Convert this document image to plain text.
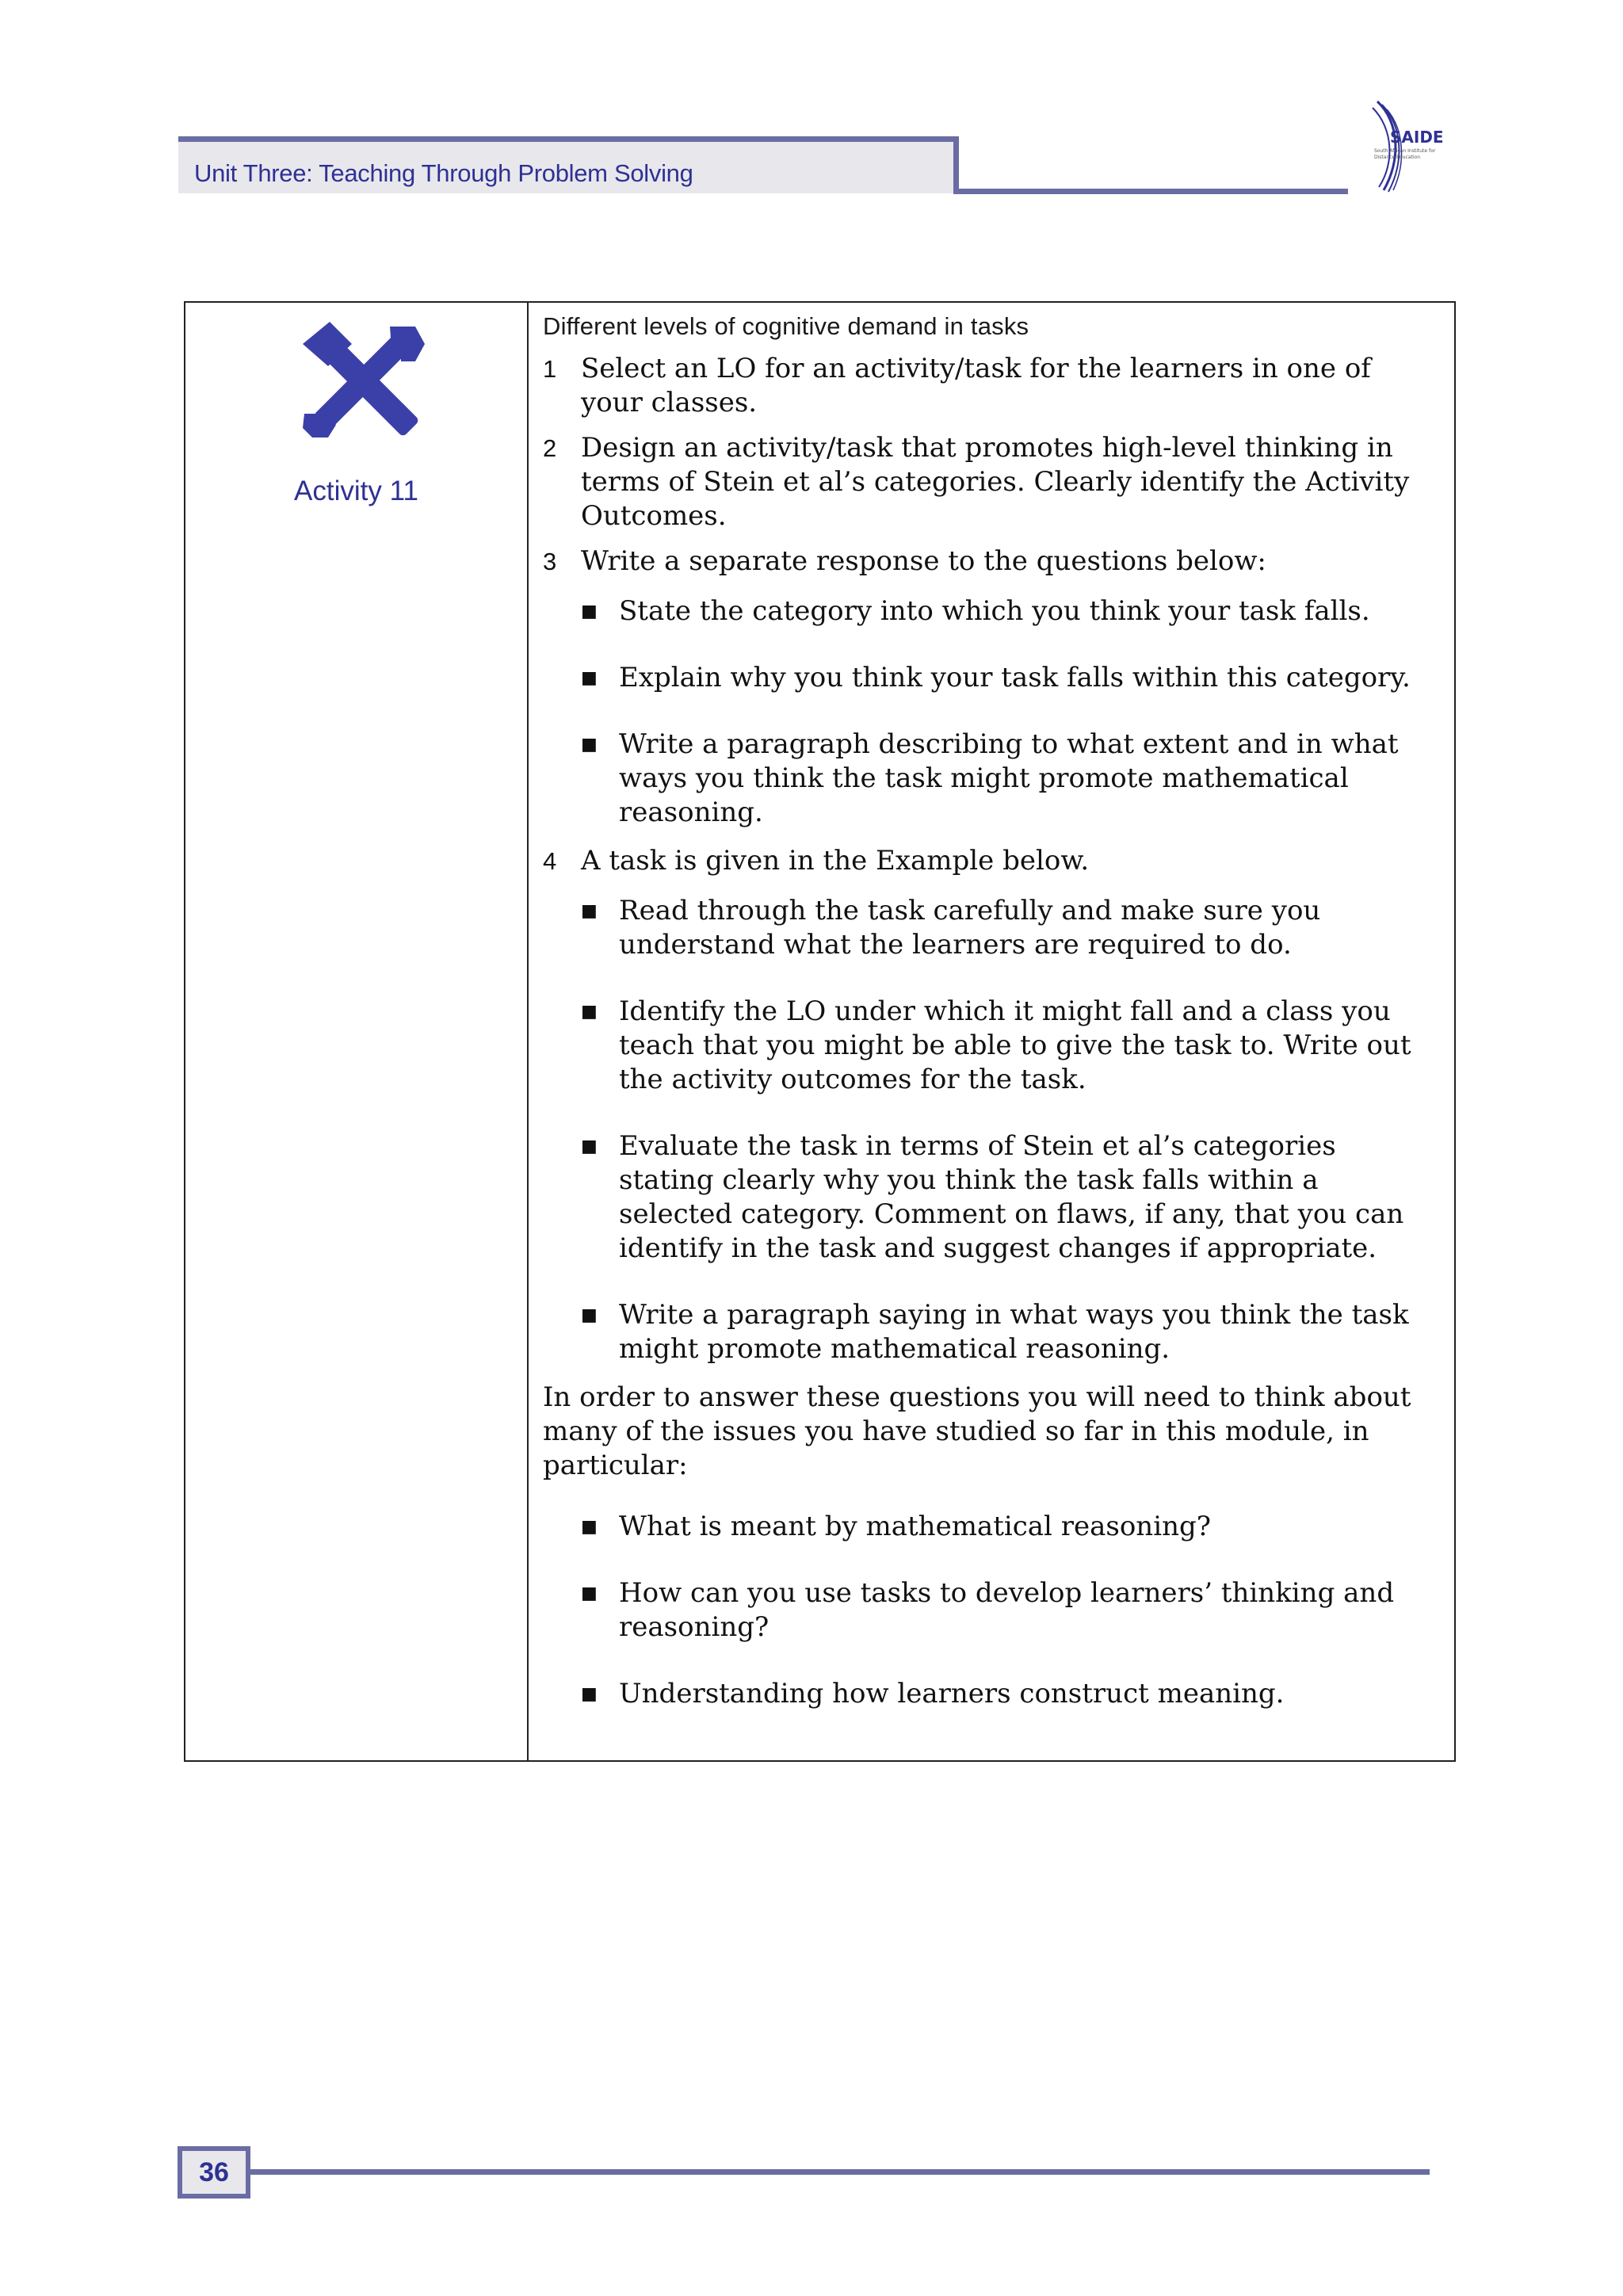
Unit Three: Teaching Through Problem Solving
SAIDE
South African Institute for
Distance Education
Activity 11
Different levels of cognitive demand in tasks
1 Select an LO for an activity/task for the learners in one of your classes.
2 Design an activity/task that promotes high-level thinking in terms of Stein et al’s categories. Clearly identify the Activity Outcomes.
3 Write a separate response to the questions below:
■ State the category into which you think your task falls.
■ Explain why you think your task falls within this category.
■ Write a paragraph describing to what extent and in what ways you think the task might promote mathematical reasoning.
4 A task is given in the Example below.
■ Read through the task carefully and make sure you understand what the learners are required to do.
■ Identify the LO under which it might fall and a class you teach that you might be able to give the task to. Write out the activity outcomes for the task.
■ Evaluate the task in terms of Stein et al’s categories stating clearly why you think the task falls within a selected category. Comment on flaws, if any, that you can identify in the task and suggest changes if appropriate.
■ Write a paragraph saying in what ways you think the task might promote mathematical reasoning.

In order to answer these questions you will need to think about many of the issues you have studied so far in this module, in particular:

■ What is meant by mathematical reasoning?
■ How can you use tasks to develop learners’ thinking and reasoning?
■ Understanding how learners construct meaning.
36
